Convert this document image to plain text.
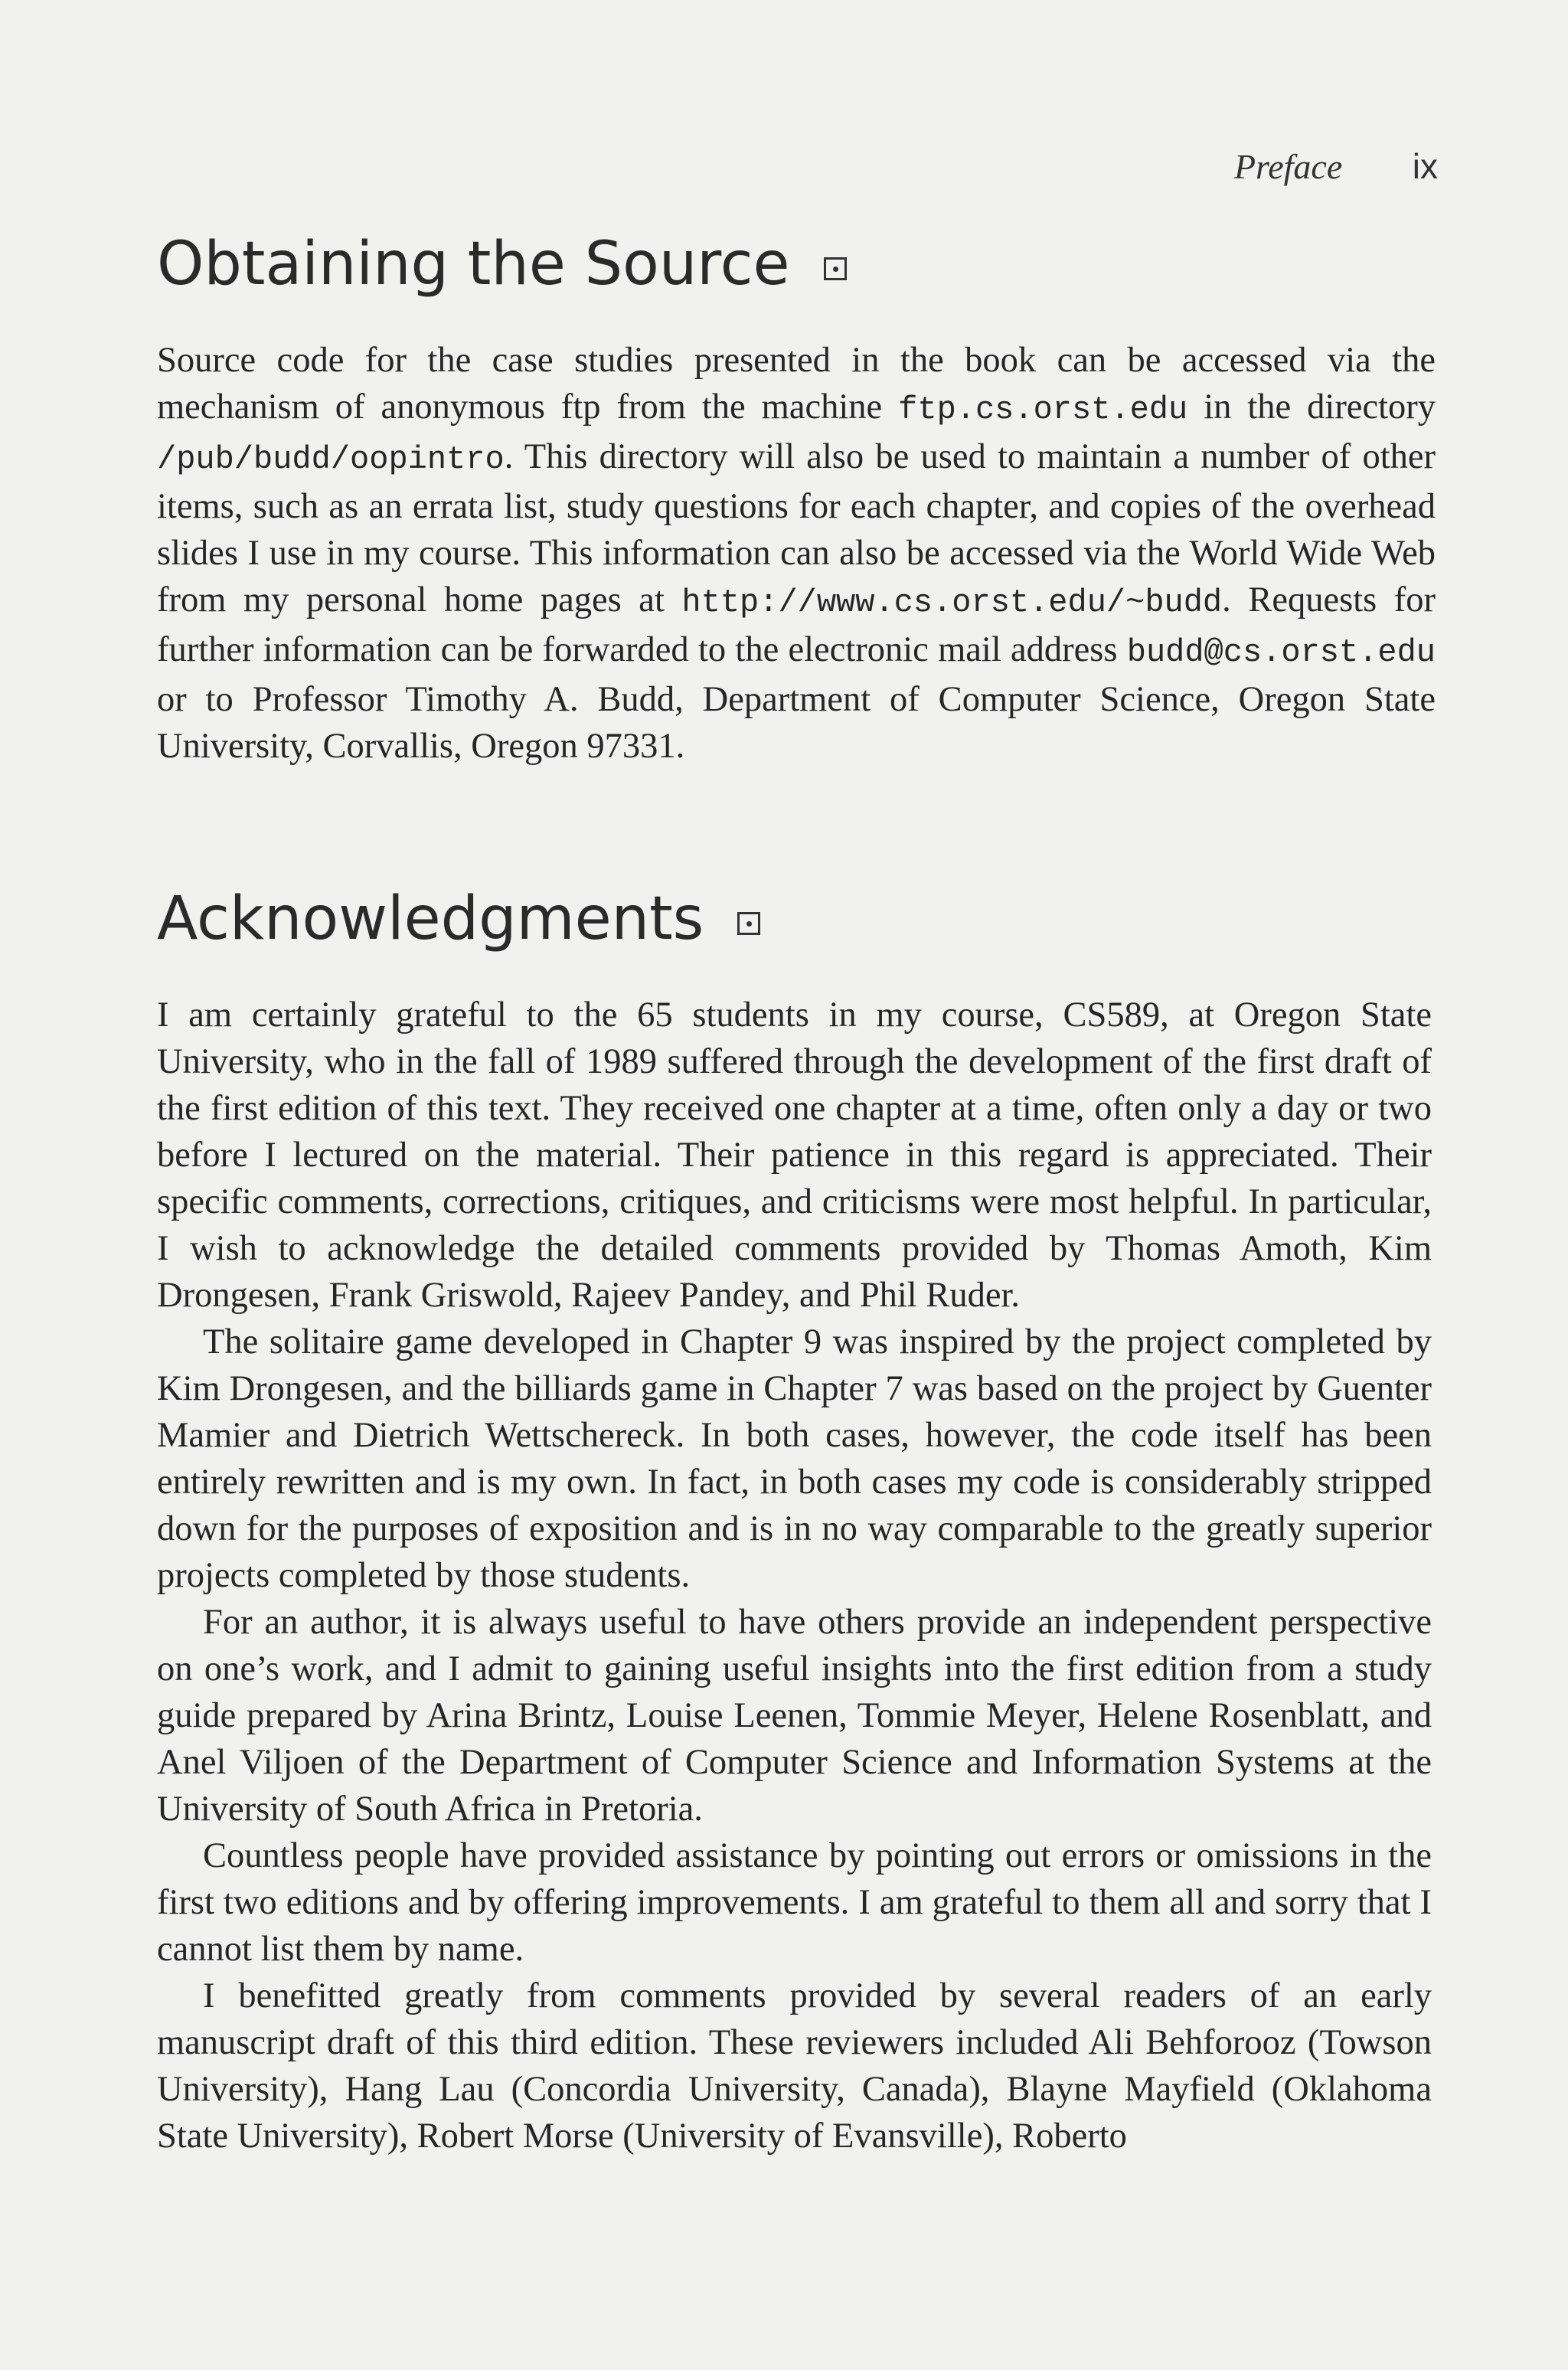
Preface ix
Obtaining the Source

Source code for the case studies presented in the book can be accessed via the mechanism of anonymous ftp from the machine ftp.cs.orst.edu in the directory /pub/budd/oopintro. This directory will also be used to maintain a number of other items, such as an errata list, study questions for each chapter, and copies of the overhead slides I use in my course. This information can also be accessed via the World Wide Web from my personal home pages at http://www.cs.orst.edu/~budd. Requests for further information can be forwarded to the electronic mail address budd@cs.orst.edu or to Professor Timothy A. Budd, Department of Computer Science, Oregon State University, Corvallis, Oregon 97331.

Acknowledgments

I am certainly grateful to the 65 students in my course, CS589, at Oregon State University, who in the fall of 1989 suffered through the development of the first draft of the first edition of this text. They received one chapter at a time, often only a day or two before I lectured on the material. Their patience in this regard is appreciated. Their specific comments, corrections, critiques, and criticisms were most helpful. In particular, I wish to acknowledge the detailed comments provided by Thomas Amoth, Kim Drongesen, Frank Griswold, Rajeev Pandey, and Phil Ruder.

The solitaire game developed in Chapter 9 was inspired by the project completed by Kim Drongesen, and the billiards game in Chapter 7 was based on the project by Guenter Mamier and Dietrich Wettschereck. In both cases, however, the code itself has been entirely rewritten and is my own. In fact, in both cases my code is considerably stripped down for the purposes of exposition and is in no way comparable to the greatly superior projects completed by those students.

For an author, it is always useful to have others provide an independent perspective on one’s work, and I admit to gaining useful insights into the first edition from a study guide prepared by Arina Brintz, Louise Leenen, Tommie Meyer, Helene Rosenblatt, and Anel Viljoen of the Department of Computer Science and Information Systems at the University of South Africa in Pretoria.

Countless people have provided assistance by pointing out errors or omissions in the first two editions and by offering improvements. I am grateful to them all and sorry that I cannot list them by name.

I benefitted greatly from comments provided by several readers of an early manuscript draft of this third edition. These reviewers included Ali Behforooz (Towson University), Hang Lau (Concordia University, Canada), Blayne Mayfield (Oklahoma State University), Robert Morse (University of Evansville), Roberto
